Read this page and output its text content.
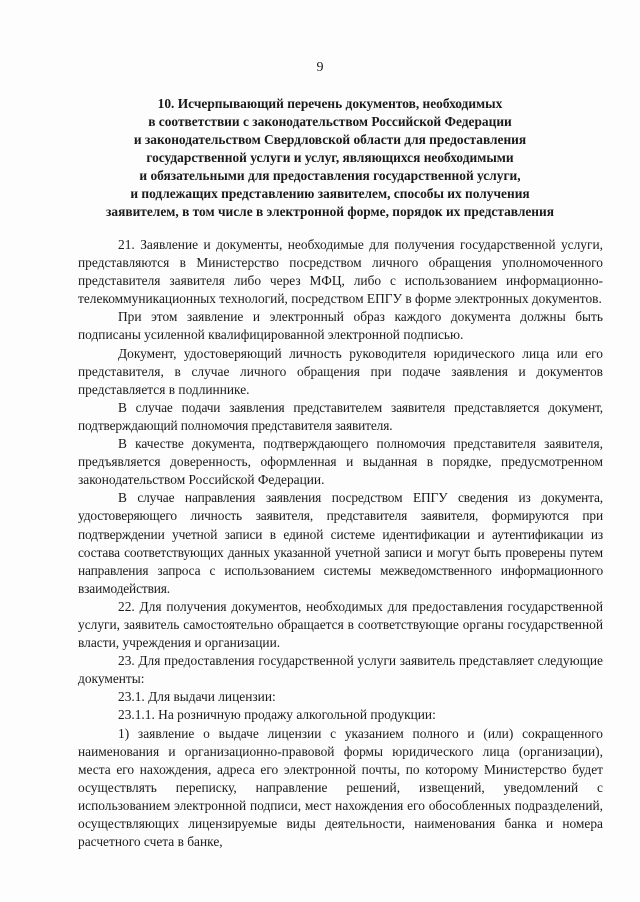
9
10. Исчерпывающий перечень документов, необходимых
в соответствии с законодательством Российской Федерации
и законодательством Свердловской области для предоставления
государственной услуги и услуг, являющихся необходимыми
и обязательными для предоставления государственной услуги,
и подлежащих представлению заявителем, способы их получения
заявителем, в том числе в электронной форме, порядок их представления

21. Заявление и документы, необходимые для получения государственной услуги, представляются в Министерство посредством личного обращения уполномоченного представителя заявителя либо через МФЦ, либо с использованием информационно-телекоммуникационных технологий, посредством ЕПГУ в форме электронных документов.

При этом заявление и электронный образ каждого документа должны быть подписаны усиленной квалифицированной электронной подписью.

Документ, удостоверяющий личность руководителя юридического лица или его представителя, в случае личного обращения при подаче заявления и документов представляется в подлиннике.

В случае подачи заявления представителем заявителя представляется документ, подтверждающий полномочия представителя заявителя.

В качестве документа, подтверждающего полномочия представителя заявителя, предъявляется доверенность, оформленная и выданная в порядке, предусмотренном законодательством Российской Федерации.

В случае направления заявления посредством ЕПГУ сведения из документа, удостоверяющего личность заявителя, представителя заявителя, формируются при подтверждении учетной записи в единой системе идентификации и аутентификации из состава соответствующих данных указанной учетной записи и могут быть проверены путем направления запроса с использованием системы межведомственного информационного взаимодействия.

22. Для получения документов, необходимых для предоставления государственной услуги, заявитель самостоятельно обращается в соответствующие органы государственной власти, учреждения и организации.

23. Для предоставления государственной услуги заявитель представляет следующие документы:

23.1. Для выдачи лицензии:

23.1.1. На розничную продажу алкогольной продукции:

1) заявление о выдаче лицензии с указанием полного и (или) сокращенного наименования и организационно-правовой формы юридического лица (организации), места его нахождения, адреса его электронной почты, по которому Министерство будет осуществлять переписку, направление решений, извещений, уведомлений с использованием электронной подписи, мест нахождения его обособленных подразделений, осуществляющих лицензируемые виды деятельности, наименования банка и номера расчетного счета в банке,
